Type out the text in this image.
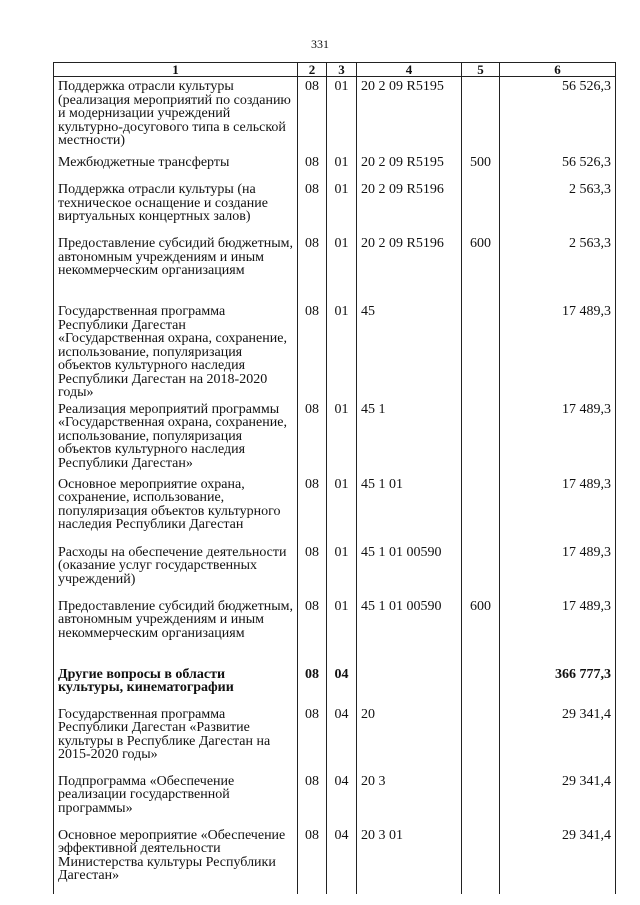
331
1	2	3	4	5	6
Поддержка отрасли культуры (реализация мероприятий по созданию и модернизации учреждений культурно-досугового типа в сельской местности)	08	01	20 2 09 R5195		56 526,3
Межбюджетные трансферты	08	01	20 2 09 R5195	500	56 526,3
Поддержка отрасли культуры (на техническое оснащение и создание виртуальных концертных залов)	08	01	20 2 09 R5196		2 563,3
Предоставление субсидий бюджетным, автономным учреждениям и иным некоммерческим организациям	08	01	20 2 09 R5196	600	2 563,3
Государственная программа Республики Дагестан «Государственная охрана, сохранение, использование, популяризация объектов культурного наследия Республики Дагестан на 2018-2020 годы»	08	01	45		17 489,3
Реализация мероприятий программы «Государственная охрана, сохранение, использование, популяризация объектов культурного наследия Республики Дагестан»	08	01	45 1		17 489,3
Основное мероприятие охрана, сохранение, использование, популяризация объектов культурного наследия Республики Дагестан	08	01	45 1 01		17 489,3
Расходы на обеспечение деятельности (оказание услуг государственных учреждений)	08	01	45 1 01 00590		17 489,3
Предоставление субсидий бюджетным, автономным учреждениям и иным некоммерческим организациям	08	01	45 1 01 00590	600	17 489,3
Другие вопросы в области культуры, кинематографии	08	04			366 777,3
Государственная программа Республики Дагестан «Развитие культуры в Республике Дагестан на 2015-2020 годы»	08	04	20		29 341,4
Подпрограмма «Обеспечение реализации государственной программы»	08	04	20 3		29 341,4
Основное мероприятие «Обеспечение эффективной деятельности Министерства культуры Республики Дагестан»	08	04	20 3 01		29 341,4
